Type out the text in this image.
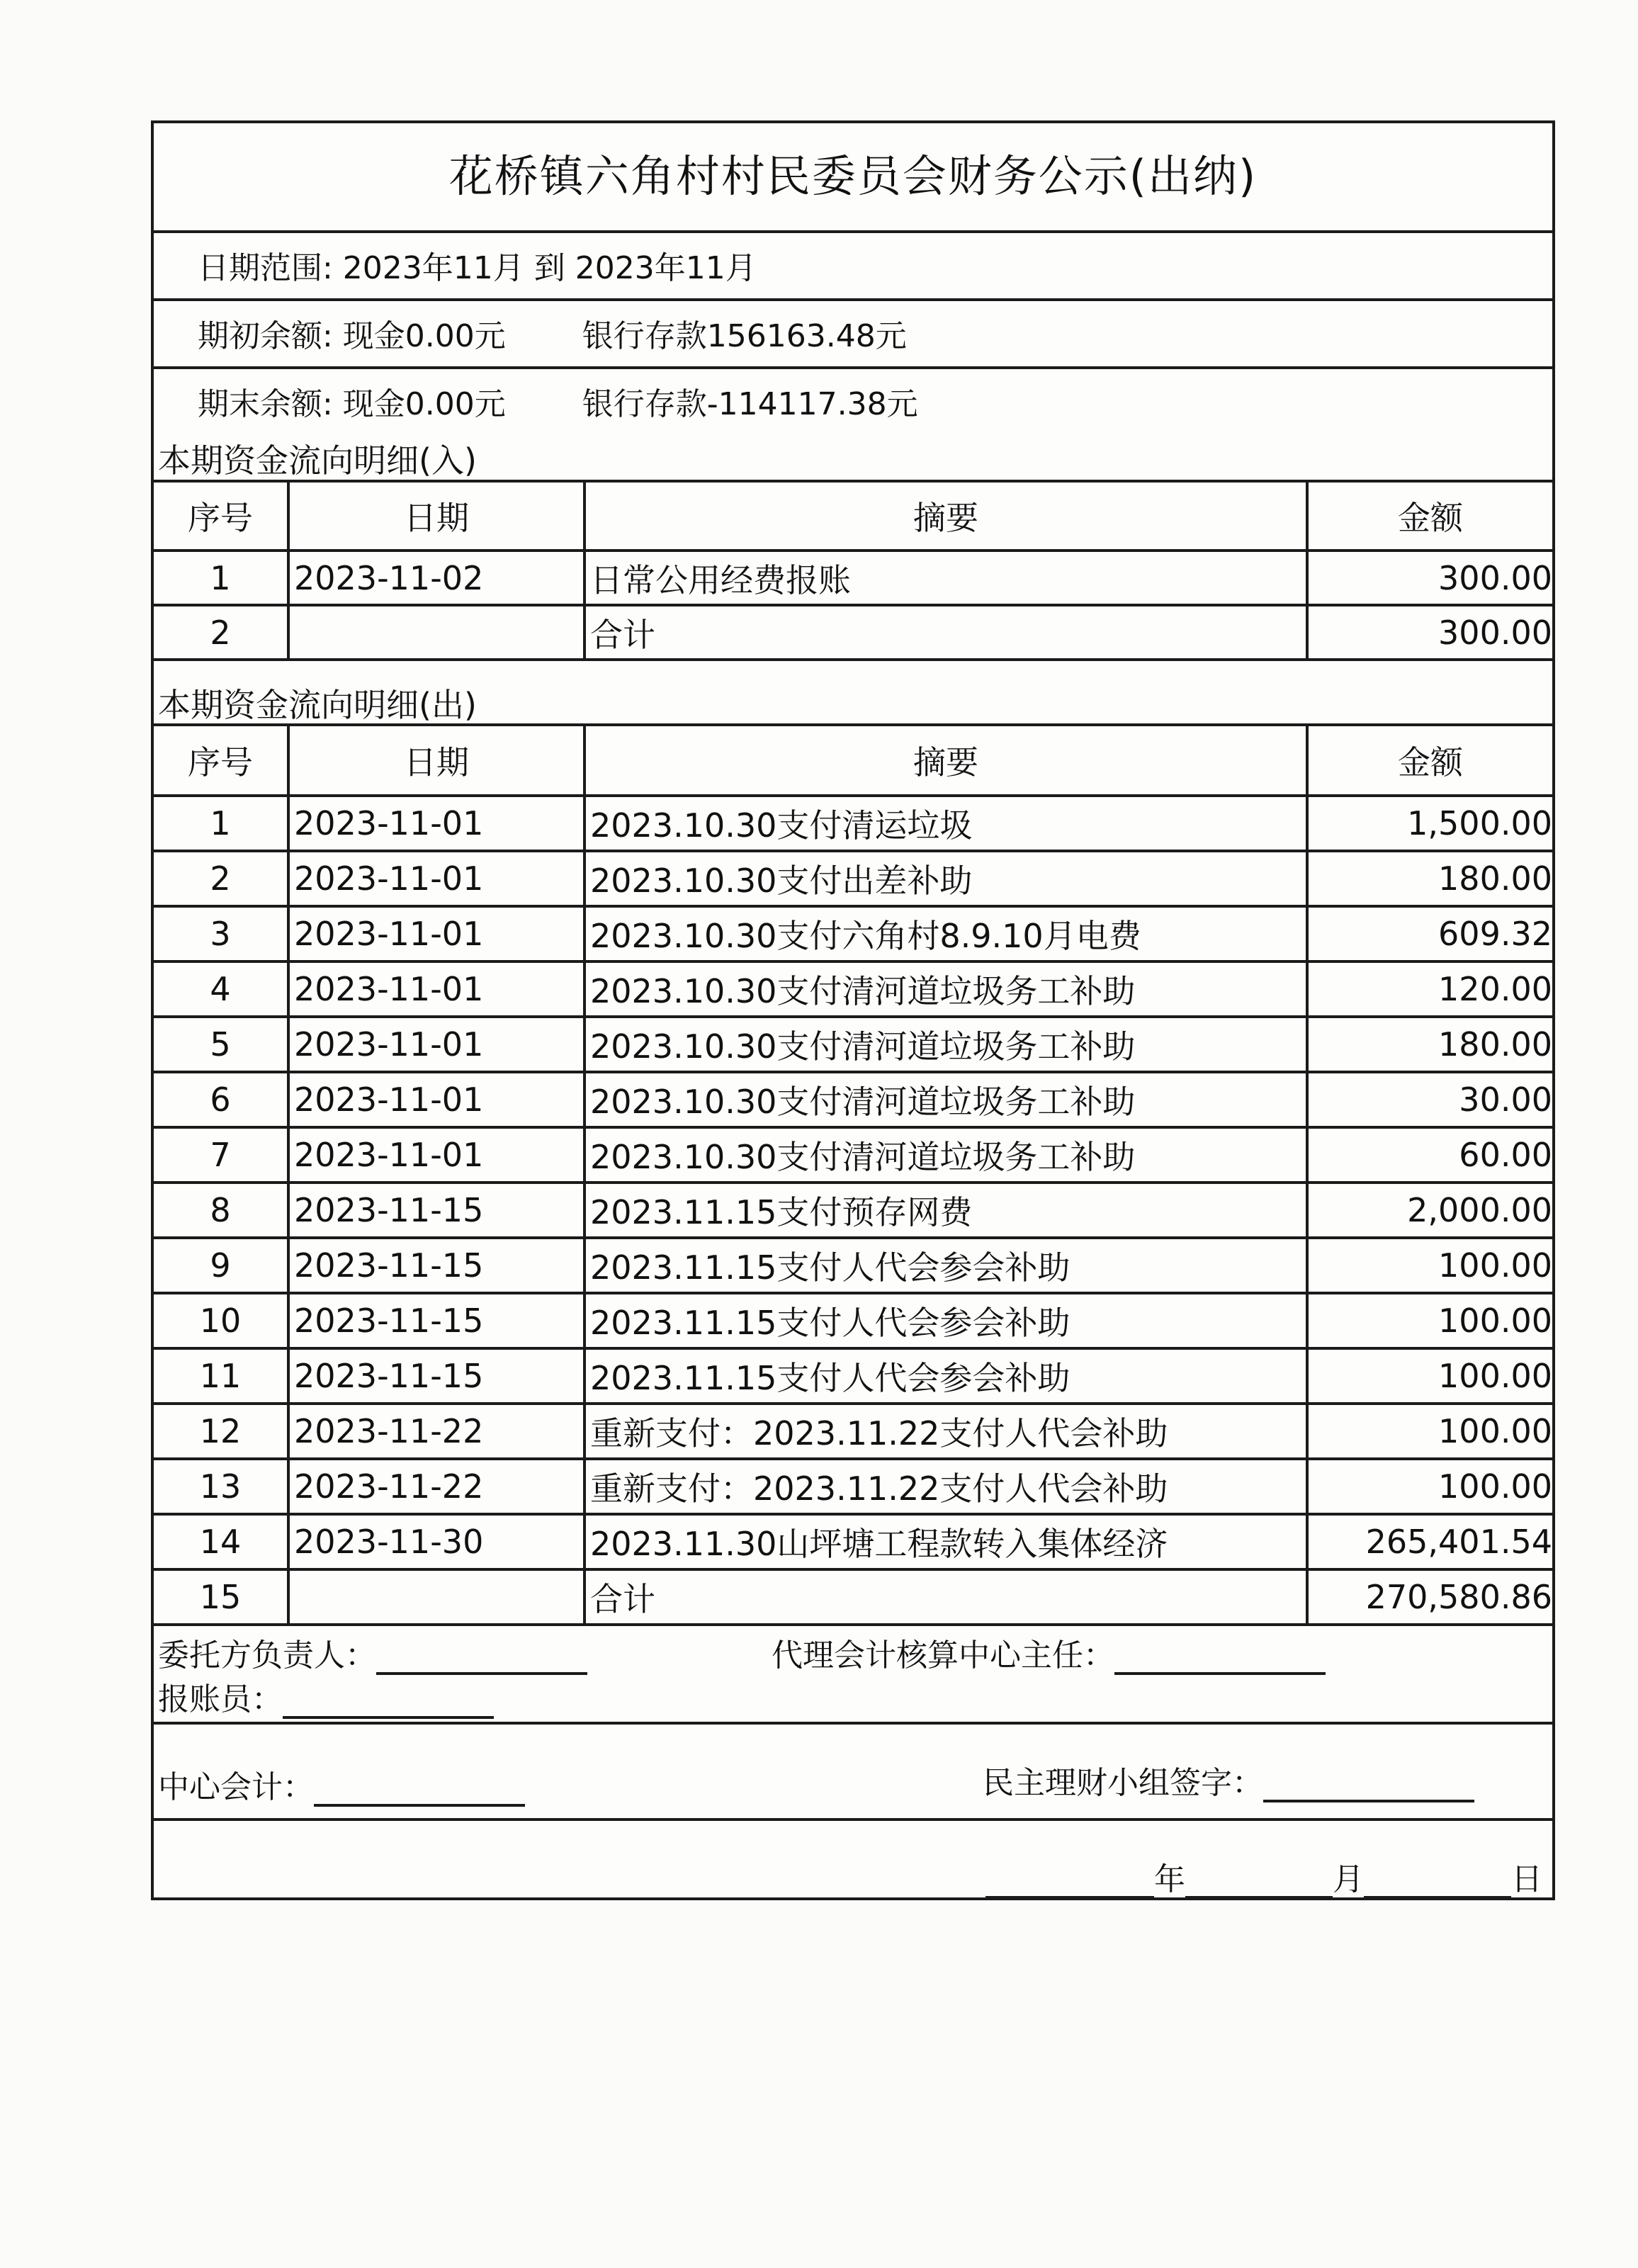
花桥镇六角村村民委员会财务公示(出纳)
日期范围: 2023年11月 到 2023年11月
期初余额: 现金0.00元 银行存款156163.48元
期末余额: 现金0.00元 银行存款-114117.38元
本期资金流向明细(入)
序号	日期	摘要	金额
1	2023-11-02	日常公用经费报账	300.00
2		合计	300.00
本期资金流向明细(出)
序号	日期	摘要	金额
1	2023-11-01	2023.10.30支付清运垃圾	1,500.00
2	2023-11-01	2023.10.30支付出差补助	180.00
3	2023-11-01	2023.10.30支付六角村8.9.10月电费	609.32
4	2023-11-01	2023.10.30支付清河道垃圾务工补助	120.00
5	2023-11-01	2023.10.30支付清河道垃圾务工补助	180.00
6	2023-11-01	2023.10.30支付清河道垃圾务工补助	30.00
7	2023-11-01	2023.10.30支付清河道垃圾务工补助	60.00
8	2023-11-15	2023.11.15支付预存网费	2,000.00
9	2023-11-15	2023.11.15支付人代会参会补助	100.00
10	2023-11-15	2023.11.15支付人代会参会补助	100.00
11	2023-11-15	2023.11.15支付人代会参会补助	100.00
12	2023-11-22	重新支付：2023.11.22支付人代会补助	100.00
13	2023-11-22	重新支付：2023.11.22支付人代会补助	100.00
14	2023-11-30	2023.11.30山坪塘工程款转入集体经济	265,401.54
15		合计	270,580.86
委托方负责人：	代理会计核算中心主任：
报账员：
中心会计：	民主理财小组签字：
年	月	日
